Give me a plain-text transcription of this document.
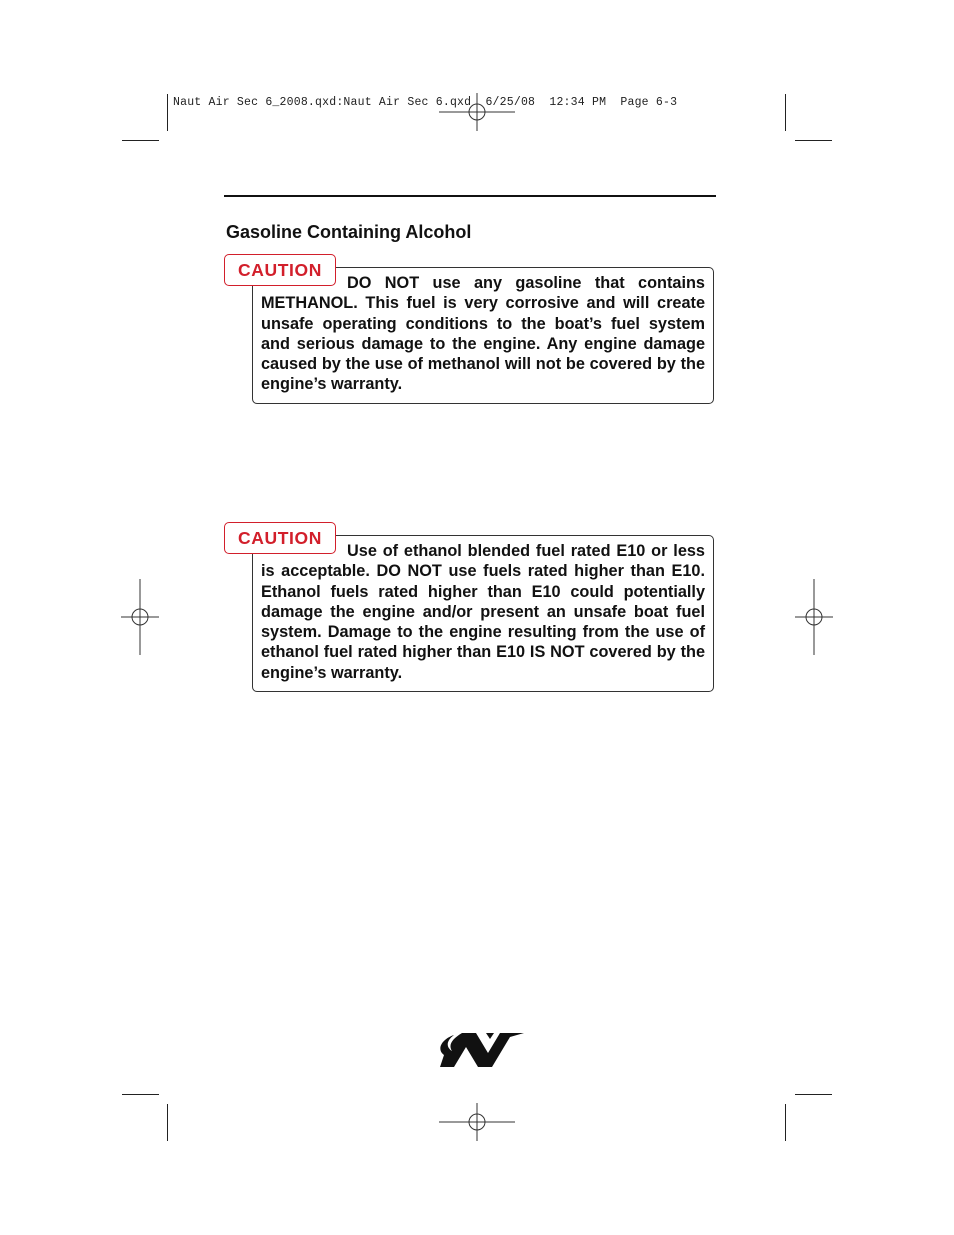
Naut Air Sec 6_2008.qxd:Naut Air Sec 6.qxd  6/25/08  12:34 PM  Page 6-3
Gasoline Containing Alcohol
DO NOT use any gasoline that contains METHANOL. This fuel is very corrosive and will create unsafe operating conditions to the boat’s fuel system and serious damage to the engine. Any engine damage caused by the use of methanol will not be covered by the engine’s warranty.
CAUTION
Use of ethanol blended fuel rated E10 or less is acceptable. DO NOT use fuels rated higher than E10. Ethanol fuels rated higher than E10 could potentially damage the engine and/or present an unsafe boat fuel system. Damage to the engine resulting from the use of ethanol fuel rated higher than E10 IS NOT covered by the engine’s warranty.
CAUTION
